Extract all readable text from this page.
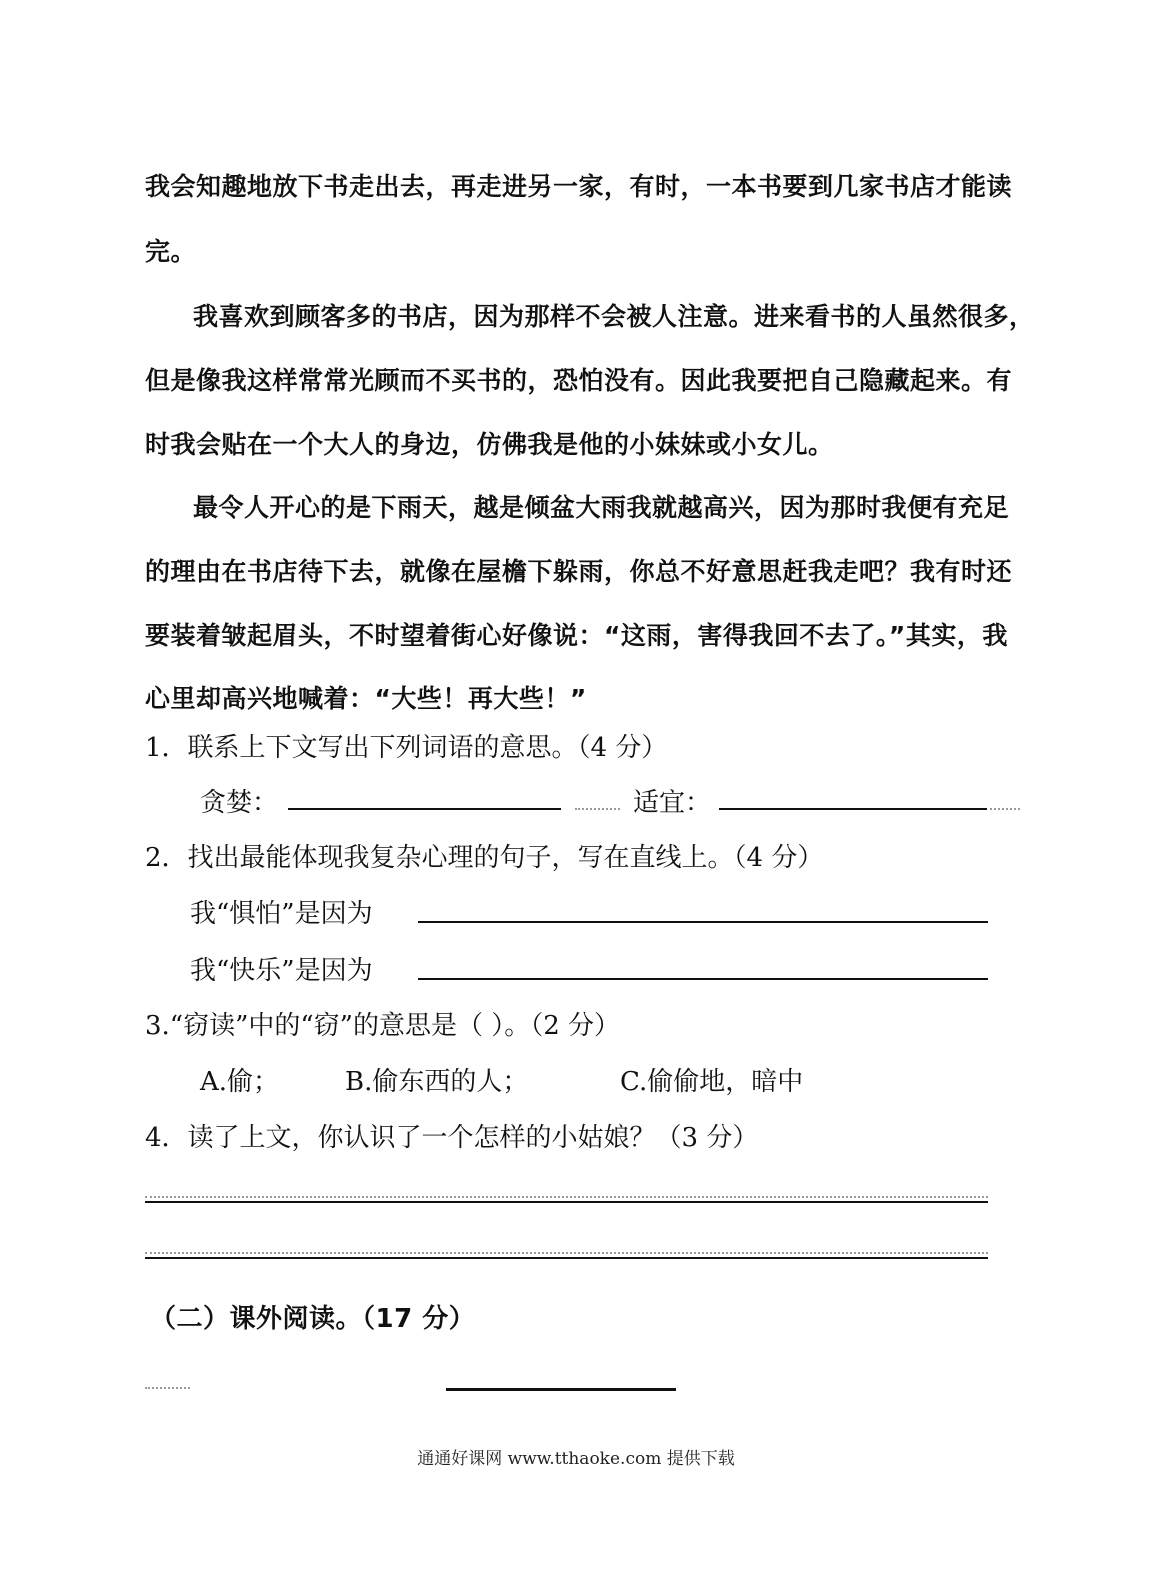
我会知趣地放下书走出去，再走进另一家，有时，一本书要到几家书店才能读
完。
我喜欢到顾客多的书店，因为那样不会被人注意。进来看书的人虽然很多，
但是像我这样常常光顾而不买书的，恐怕没有。因此我要把自己隐藏起来。有
时我会贴在一个大人的身边，仿佛我是他的小妹妹或小女儿。
最令人开心的是下雨天，越是倾盆大雨我就越高兴，因为那时我便有充足
的理由在书店待下去，就像在屋檐下躲雨，你总不好意思赶我走吧？我有时还
要装着皱起眉头，不时望着街心好像说：“这雨，害得我回不去了。”其实，我
心里却高兴地喊着：“大些！再大些！”
1．联系上下文写出下列词语的意思。（4 分）
贪婪：	适宜：
2．找出最能体现我复杂心理的句子，写在直线上。（4 分）
我“惧怕”是因为
我“快乐”是因为
3.“窃读”中的“窃”的意思是（ ）。（2 分）
A.偷；	B.偷东西的人；	C.偷偷地，暗中
4．读了上文，你认识了一个怎样的小姑娘？（3 分）
（二）课外阅读。（17 分）
通通好课网 www.tthaoke.com 提供下载
